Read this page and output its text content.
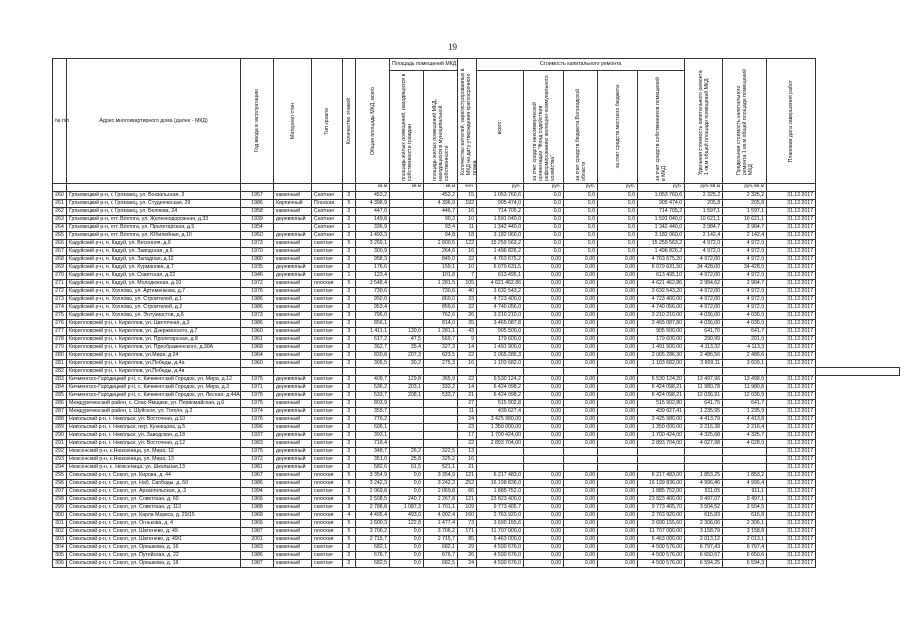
19
№ п/п	Адрес многоквартирного дома (далее - МКД)	Год ввода в эксплуатацию	Материал стен	Тип кровли	Количество этажей	Общая площадь МКД, всего	Площадь помещений МКД		Количество жителей, зарегистрированных в МКД на дату утверждения краткосрочного плана	Стоимость капитального ремонта					Удельная стоимость капитального ремонта 1 кв.м общей площади помещений МКД	Предельная стоимость капитального ремонта 1 кв.м общей площади помещений МКД	Плановая дата завершения работ	

							площадь жилых помещений, находящихся в собственности граждан	площадь жилых помещений МКД, находящихся в муниципальной собственности		всего:	за счет средств некоммерческой организации "Фонд содействия реформированию жилищно-коммунального хозяйства"	за счет средств бюджета Вологодской области	за счет средств местного бюджета	за счет средств собственников помещений в МКД				

						кв.м	кв.м	кв.м	чел.	руб.	руб.	руб.	руб.	руб.	руб./кв.м	руб./кв.м		
260	Грязовецкий р-н, г. Грязовец, ул. Вокзальская, 3	1957	каменный	Скатная	2	453,2		453,2	15	1 053 760,6	0,0	0,0	0,0	1 053 760,6	2 325,2	2 325,2	31.12.2017	
261	Грязовецкий р-н, г. Грязовец, ул. Студенческая, 29	1986	Кирпичный	Плоская	5	4 398,9		4 396,9	192	905 474,0	0,0	0,0	0,0	905 474,0	205,8	205,8	31.12.2017	
262	Грязовецкий р-н, г. Грязовец, ул. Беляева, 24	1958	каменный	Скатная	2	447,0		446,7	16	714 705,2	0,0	0,0	0,0	714 705,2	1 597,1	1 597,1	31.12.2017	
263	Грязовецкий р-н, пгт. Вохтога, ул. Железнодорожная, д.33	1939	деревянный	Скатная	2	149,8		90,3	10	1 591 040,0	0,0	0,0	0,0	1 591 040,0	10 621,1	10 621,1	31.12.2017	
264	Грязовецкий р-н, пгт. Вохтога, ул. Пролетарская, д.5	1954		Скатная	1	336,9		93,4	11	1 342 440,0	0,0	0,0	0,0	1 342 440,0	3 984,7	3 984,7	31.12.2017	
265	Грязовецкий р-н, пгт. Вохтога, ул. Юбилейная, д.10	1950	деревянный	Скатная	2	1 493,3		94,8	18	3 182 060,0	0,0	0,0	0,0	3 182 060,0	2 142,4	2 142,4	31.12.2017	
266	Кадуйский р-н, п. Кадуй, ул. Весенняя, д.9	1973	каменный	скатная	5	3 269,1		2 800,5	122	15 259 563,2	0,0	0,0	0,0	15 259 563,2	4 972,0	4 972,0	31.12.2017	
267	Кадуйский р-н, п. Кадуй, ул. Заводская, д.6	1970	каменный	скатная	2	300,9		264,6	16	1 496 826,2	0,0	0,0	0,0	1 496 826,2	4 972,0	4 972,0	31.12.2017	
268	Кадуйский р-н, п. Кадуй, ул. Западная, д.12	1980	каменный	скатная	2	958,3		849,0	32	4 763 675,2	0,00	0,00	0,00	4 763 675,20	4 972,00	4 972,0	31.12.2017	
269	Кадуйский р-н, п. Кадуй, ул. Курманова, д.7	1935	деревянный	скатная	2	176,6		159,1	10	6 079 631,5	0,00	0,00	0,00	6 079 631,50	34 428,00	34 428,0	31.12.2017	
270	Кадуйский р-н, п. Кадуй, ул. Советская, д.22	1946	деревянный	скатная	1	123,4		101,8	7	613 495,1	0,00	0,00	0,00	613 495,10	4 972,00	4 972,0	31.12.2017	
271	Кадуйский р-н, п. Кадуй, ул. Молодежная, д.10	1972	каменный	плоская	5	1 548,4		1 281,5	105	4 621 462,86	0,00	0,00	0,00	4 621 462,86	2 984,62	2 984,7	31.12.2017	
272	Кадуйский р-н, п. Хохлово, ул. Артеменкова, д.7	1976	каменный	скатная	2	730,6		730,6	40	3 632 543,2	0,00	0,00	0,00	3 632 543,20	4 972,00	4 972,0	31.12.2017	
273	Кадуйский р-н, п. Хохлово, ул. Строителей, д.1	1986	каменный	скатная	2	950,0		860,0	33	4 723 400,0	0,00	0,00	0,00	4 723 400,00	4 972,00	4 972,0	31.12.2017	
274	Кадуйский р-н, п. Хохлово, ул. Строителей, д.2	1986	каменный	скатная	2	953,4		859,6	32	4 740 056,0	0,00	0,00	0,00	4 740 056,00	4 972,00	4 972,0	31.12.2017	
275	Кадуйский р-н, п. Хохлово, ул. Энтузиастов, д.6	1973	каменный	скатная	3	796,0		762,6	26	3 210 210,0	0,00	0,00	0,00	3 210 210,00	4 036,00	4 036,0	31.12.2017	
276	Кирилловский р-н, г. Кириллов, ул. Цветочная, д.3	1986	каменный	скатная	2	856,1		814,0	35	3 465 087,8	0,00	0,00	0,00	3 465 087,80	4 036,00	4 036,0	31.12.2017	
277	Кирилловский р-н, г. Кириллов, ул. Дзержинского, д.7	1960	каменный	скатная	3	1 411,1	130,0	1 281,1	43	905 500,0	0,00	0,00	0,00	905 500,00	641,70	641,7	31.12.2017	
278	Кирилловский р-н, г. Кириллов, ул. Пролетарская, д.8	1961	каменный	скатная	2	617,2	47,5	569,7	9	179 600,0	0,00	0,00	0,00	179 600,00	290,99	291,0	31.12.2017	
279	Кирилловский р-н, г. Кириллов, ул. Преображенского, д.30А	1968	каменный	скатная	2	362,7	35,4	327,3	14	1 491 900,0	0,00	0,00	0,00	1 491 900,00	4 113,32	4 113,3	31.12.2017	
280	Кирилловский р-н, г. Кириллов, ул.Мира, д.24	1964	каменный	скатная	2	830,8	207,3	623,5	22	2 065 286,3	0,00	0,00	0,00	2 065 286,30	2 486,56	2 486,6	31.12.2017	
281	Кирилловский р-н, г. Кириллов, ул.Победы, д.4а	1960	каменный	скатная	2	305,5	30,2	275,3	16	1 103 682,0	0,00	0,00	0,00	1 103 682,00	3 609,11	3 609,1	31.12.2017	
282	Кирилловский р-н, г. Кириллов, ул.Победы, д.4в																	
283	Кичменгско-Городецкий р-н, с. Кичменгский Городок, ул. Мира, д.12	1975	деревянный	скатная	2	409,7	129,8	365,9	22	5 530 124,2	0,00	0,00	0,00	5 530 124,20	13 497,96	13 498,0	31.12.2017	
284	Кичменгско-Городецкий р-н, с. Кичменгский Городок, ул. Мира, д.3	1971	деревянный	скатная	2	536,2	203,1	333,2	14	6 424 098,2	0,00	0,00	0,00	6 424 098,21	11 980,78	11 980,8	31.12.2017	
285	Кичменгско-Городецкий р-н, с. Кичменгский Городок, ул. Лесная, д.44А	1978	деревянный	скатная	2	533,7	208,1	533,7	21	6 424 098,2	0,00	0,00	0,00	6 424 098,21	12 036,91	12 036,9	31.12.2017	
286	Междуреченский район, с. Спас-Ямщики, ул. Первомайская, д.6	1975	каменный	скатная	2	803,9			27	515 902,8	0,00	0,00	0,00	515 902,80	641,75	641,7	31.12.2017	
287	Междуреченский район, с. Шуйское, ул. Гоголя, д.2	1974	деревянный	скатная	2	355,7			11	439 627,4	0,00	0,00	0,00	439 627,41	1 235,95	1 235,9	31.12.2017	
288	Никольский р-н, г. Никольск, ул. Восточная, д.10	1976	каменный	скатная	2	776,2			24	3 425 980,00	0,00	0,00	0,00	3 425 980,00	4 413,79	4 413,8	31.12.2017	
289	Никольский р-н, г. Никольск, пер. Кузнецова, д.5	1996	каменный	скатная	2	606,1			23	1 350 000,00	0,00	0,00	0,00	1 350 000,00	2 216,38	2 216,4	31.12.2017	
290	Никольский р-н, г. Никольск, ул. Заводская, д.18	1937	деревянный	скатная	2	393,1			17	1 700 424,00	0,00	0,00	0,00	1 700 424,00	4 325,68	4 325,7	31.12.2017	
291	Никольский р-н, г. Никольск, ул. Восточная, д.12	1983	каменный	скатная	2	718,4			22	2 893 704,00	0,00	0,00	0,00	2 893 704,00	4 027,98	4 028,0	31.12.2017	
292	Нюксенский р-н, с.Нюксеница, ул. Мира, 12	1975	деревянный	скатная	2	348,7	26,2	322,5	13								31.12.2017	
293	Нюксенский р-н, с.Нюксеница, ул. Мира, 13	1972	деревянный	скатная	2	351,0	25,8	325,2	16								31.12.2017	
294	Нюксенский р-н, с. Нюксеница, ул. Школьная,13	1981	деревянный	скатная	2	582,6	61,5	521,1	21								31.12.2017	
295	Сокольский р-н, г. Сокол, ул. Кирова, д. 44	1967	каменный	плоская	5	3 354,9	0,0	3 354,9	121	6 217 483,0	0,00	0,00	0,00	6 217 483,00	1 853,25	1 853,2	31.12.2017	
296	Сокольский р-н, г. Сокол, ул. Наб. Свободы, д. 50	1986	каменный	плоская	5	3 242,3	0,0	3 242,3	252	16 198 836,0	0,00	0,00	0,00	16 199 836,00	4 996,46	4 996,4	31.12.2017	
297	Сокольский р-н, г. Сокол, ул. Архангельская, д. 2	1994	каменный	скатная	2	2 069,8	0,0	2 069,8	66	1 885 752,0	0,00	0,00	0,00	1 885 752,00	911,05	911,1	31.12.2017	
298	Сокольский р-н, г. Сокол, ул. Советская, д. 60	1966	каменный	плоская	5	2 508,5	240,7	2 267,8	121	23 823 400,0	0,00	0,00	0,00	23 823 400,00	9 497,07	9 497,1	31.12.2017	
299	Сокольский р-н, г. Сокол, ул. Советская, д. 113	1988	каменный	скатная	3	2 788,8	1 087,3	1 701,1	109	9 773 405,7	0,00	0,00	0,00	9 773 405,70	3 504,52	3 504,5	31.12.2017	
300	Сокольский р-н, г. Сокол, ул. Карла Маркса, д. 29/15	1968	каменный	плоская	4	4 495,4	493,0	4 002,4	160	2 763 920,0	0,00	0,00	0,00	2 763 920,00	615,83	615,8	31.12.2017	
301	Сокольский р-н, г. Сокол, ул. Огнькова, д. 4	1966	каменный	плоская	5	1 600,3	122,8	1 477,4	73	3 690 155,6	0,00	0,00	0,00	3 690 155,60	2 306,06	2 306,1	31.12.2017	
302	Сокольский р-н, г. Сокол, ул. Шатенево, д. 49	1987	каменный	плоская	5	3 706,2	0,0	3 706,2	171	11 707 000,0	0,00	0,00	0,00	11 707 000,00	3 158,79	3 158,8	31.12.2017	
303	Сокольский р-н, г. Сокол, ул. Шатенево, д. 49/1	2001	каменный	плоская	5	2 715,7	0,0	2 715,7	85	5 463 000,0	0,00	0,00	0,00	5 463 000,00	2 013,12	2 013,1	31.12.2017	
304	Сокольский р-н, г. Сокол, ул. Орешкова, д. 16	1983	каменный	скатная	2	682,1	0,0	682,1	29	4 500 576,0	0,00	0,00	0,00	4 500 576,00	6 797,43	6 797,4	31.12.2017	
305	Сокольский р-н, г. Сокол, ул. Путейская, д. 22	1986	каменный	скатная	2	676,7	0,0	676,7	26	4 500 576,0	0,00	0,00	0,00	4 500 576,00	6 650,57	6 650,6	31.12.2017	
306	Сокольский р-н, г. Сокол, ул. Орешкова, д. 18	1987	каменный	скатная	2	682,5	0,0	682,5	24	4 500 576,0	0,00	0,00	0,00	4 500 576,00	6 594,25	6 594,3	31.12.2017	
